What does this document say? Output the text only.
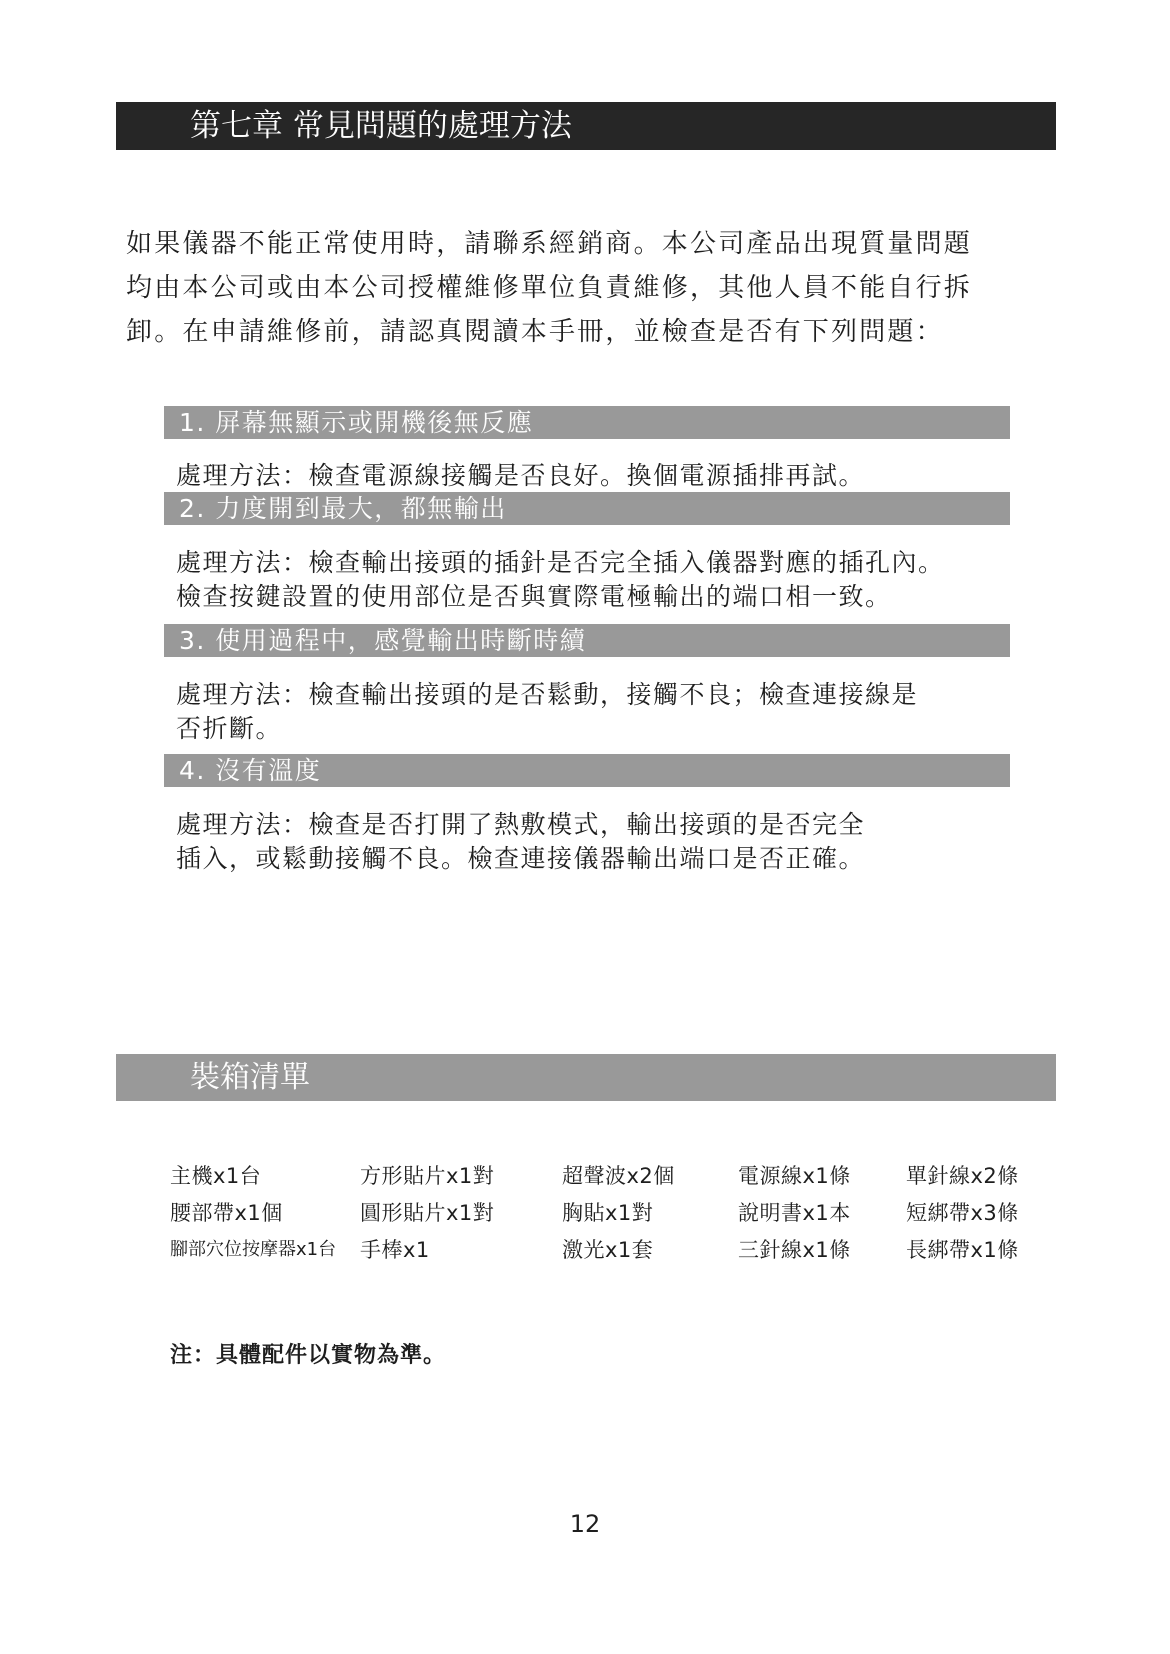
第七章 常見問題的處理方法
如果儀器不能正常使用時，請聯系經銷商。本公司產品出現質量問題
均由本公司或由本公司授權維修單位負責維修，其他人員不能自行拆
卸。在申請維修前，請認真閱讀本手冊，並檢查是否有下列問題：
1. 屏幕無顯示或開機後無反應
處理方法：檢查電源線接觸是否良好。換個電源插排再試。
2. 力度開到最大，都無輸出
處理方法：檢查輸出接頭的插針是否完全插入儀器對應的插孔內。
檢查按鍵設置的使用部位是否與實際電極輸出的端口相一致。
3. 使用過程中，感覺輸出時斷時續
處理方法：檢查輸出接頭的是否鬆動，接觸不良；檢查連接線是
否折斷。
4. 沒有溫度
處理方法：檢查是否打開了熱敷模式，輸出接頭的是否完全
插入，或鬆動接觸不良。檢查連接儀器輸出端口是否正確。
裝箱清單
主機x1台	方形貼片x1對	超聲波x2個	電源線x1條	單針線x2條
腰部帶x1個	圓形貼片x1對	胸貼x1對	說明書x1本	短綁帶x3條
腳部穴位按摩器x1台 手棒x1	激光x1套	三針線x1條	長綁帶x1條
注：具體配件以實物為準。
12
